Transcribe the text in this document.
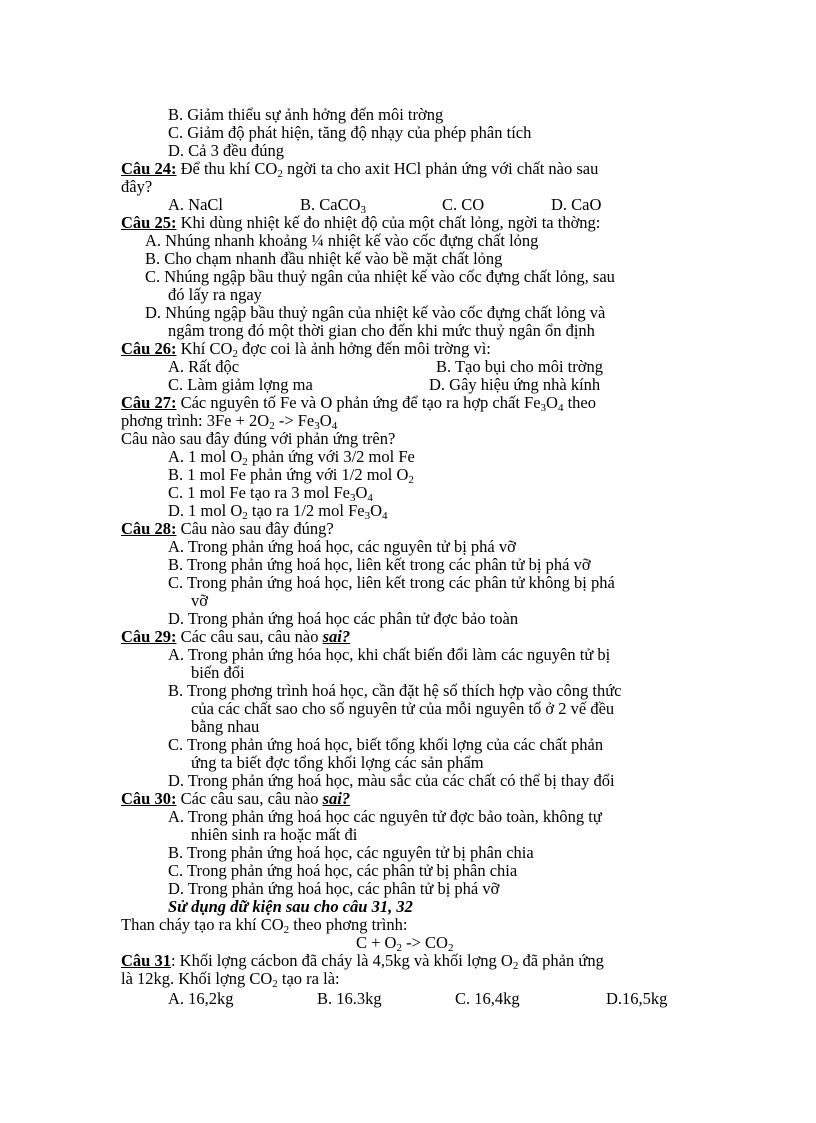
B. Giảm thiểu sự ảnh hởng đến môi trờng
C. Giảm độ phát hiện, tăng độ nhạy của phép phân tích
D. Cả 3 đều đúng
Câu 24: Để thu khí $CO_2$ ngời ta cho axit HCl phản ứng với chất nào sau
đây?
A. NaCl	B. CaCO$_3$	C. CO	D. CaO
Câu 25: Khi dùng nhiệt kế đo nhiệt độ của một chất lỏng, ngời ta thờng:
A. Nhúng nhanh khoảng ¼ nhiệt kế vào cốc đựng chất lỏng
B. Cho chạm nhanh đầu nhiệt kế vào bề mặt chất lỏng
C. Nhúng ngập bầu thuỷ ngân của nhiệt kế vào cốc đựng chất lỏng, sau
đó lấy ra ngay
D. Nhúng ngập bầu thuỷ ngân của nhiệt kế vào cốc đựng chất lỏng và
ngâm trong đó một thời gian cho đến khi mức thuỷ ngân ổn định
Câu 26: Khí $CO_2$ đợc coi là ảnh hởng đến môi trờng vì:
A. Rất độc	B. Tạo bụi cho môi trờng
C. Làm giảm lợng ma	D. Gây hiệu ứng nhà kính
Câu 27: Các nguyên tố Fe và O phản ứng để tạo ra hợp chất $Fe_3O_4$ theo
phơng trình: $3Fe + 2O_2 -> Fe_3O_4$
Câu nào sau đây đúng với phản ứng trên?
A. 1 mol $O_2$ phản ứng với 3/2 mol Fe
B. 1 mol Fe phản ứng với 1/2 mol $O_2$
C. 1 mol Fe tạo ra 3 mol $Fe_3O_4$
D. 1 mol $O_2$ tạo ra 1/2 mol $Fe_3O_4$
Câu 28: Câu nào sau đây đúng?
A. Trong phản ứng hoá học, các nguyên tử bị phá vỡ
B. Trong phản ứng hoá học, liên kết trong các phân tử bị phá vỡ
C. Trong phản ứng hoá học, liên kết trong các phân tử không bị phá
vỡ
D. Trong phản ứng hoá học các phân tử đợc bảo toàn
Câu 29: Các câu sau, câu nào sai?
A. Trong phản ứng hóa học, khi chất biến đổi làm các nguyên tử bị
biến đổi
B. Trong phơng trình hoá học, cần đặt hệ số thích hợp vào công thức
của các chất sao cho số nguyên tử của mỗi nguyên tố ở 2 vế đều
bằng nhau
C. Trong phản ứng hoá học, biết tổng khối lợng của các chất phản
ứng ta biết đợc tổng khối lợng các sản phẩm
D. Trong phản ứng hoá học, màu sắc của các chất có thể bị thay đổi
Câu 30: Các câu sau, câu nào sai?
A. Trong phản ứng hoá học các nguyên tử đợc bảo toàn, không tự
nhiên sinh ra hoặc mất đi
B. Trong phản ứng hoá học, các nguyên tử bị phân chia
C. Trong phản ứng hoá học, các phân tử bị phân chia
D. Trong phản ứng hoá học, các phân tử bị phá vỡ
Sử dụng dữ kiện sau cho câu 31, 32
Than cháy tạo ra khí $CO_2$ theo phơng trình:
$C + O_2 -> CO_2$
Câu 31: Khối lợng cácbon đã cháy là 4,5kg và khối lợng $O_2$ đã phản ứng
là 12kg. Khối lợng $CO_2$ tạo ra là:
A. 16,2kg	B. 16.3kg	C. 16,4kg	D.16,5kg
